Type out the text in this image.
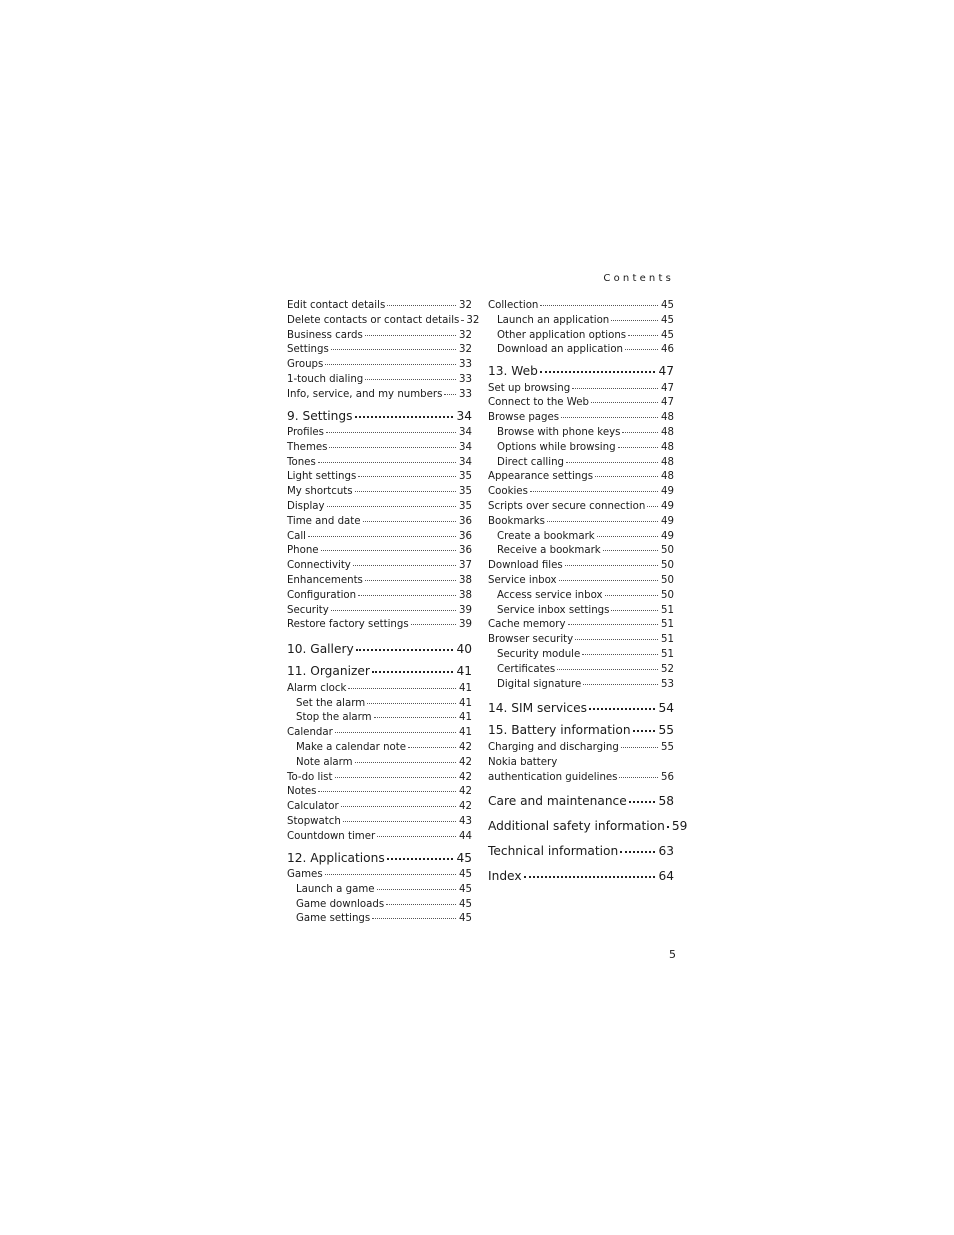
Contents
Edit contact details	32
Delete contacts or contact details 32
Business cards	32
Settings	32
Groups	33
1-touch dialing	33
Info, service, and my numbers 33
9. Settings	34
Profiles	34
Themes	34
Tones	34
Light settings	35
My shortcuts	35
Display	35
Time and date	36
Call	36
Phone	36
Connectivity	37
Enhancements	38
Configuration	38
Security	39
Restore factory settings	39
10. Gallery	40
11. Organizer	41
Alarm clock	41
Set the alarm	41
Stop the alarm	41
Calendar	41
Make a calendar note	42
Note alarm	42
To-do list	42
Notes	42
Calculator	42
Stopwatch	43
Countdown timer	44
12. Applications	45
Games	45
Launch a game	45
Game downloads	45
Game settings	45
Collection	45
Launch an application	45
Other application options	45
Download an application	46
13. Web	47
Set up browsing	47
Connect to the Web	47
Browse pages	48
Browse with phone keys	48
Options while browsing	48
Direct calling	48
Appearance settings	48
Cookies	49
Scripts over secure connection 49
Bookmarks	49
Create a bookmark	49
Receive a bookmark	50
Download files	50
Service inbox	50
Access service inbox	50
Service inbox settings	51
Cache memory	51
Browser security	51
Security module	51
Certificates	52
Digital signature	53
14. SIM services	54
15. Battery information 55
Charging and discharging	55
Nokia battery
authentication guidelines	56
Care and maintenance	58
Additional safety information 59
Technical information	63
Index	64
5
